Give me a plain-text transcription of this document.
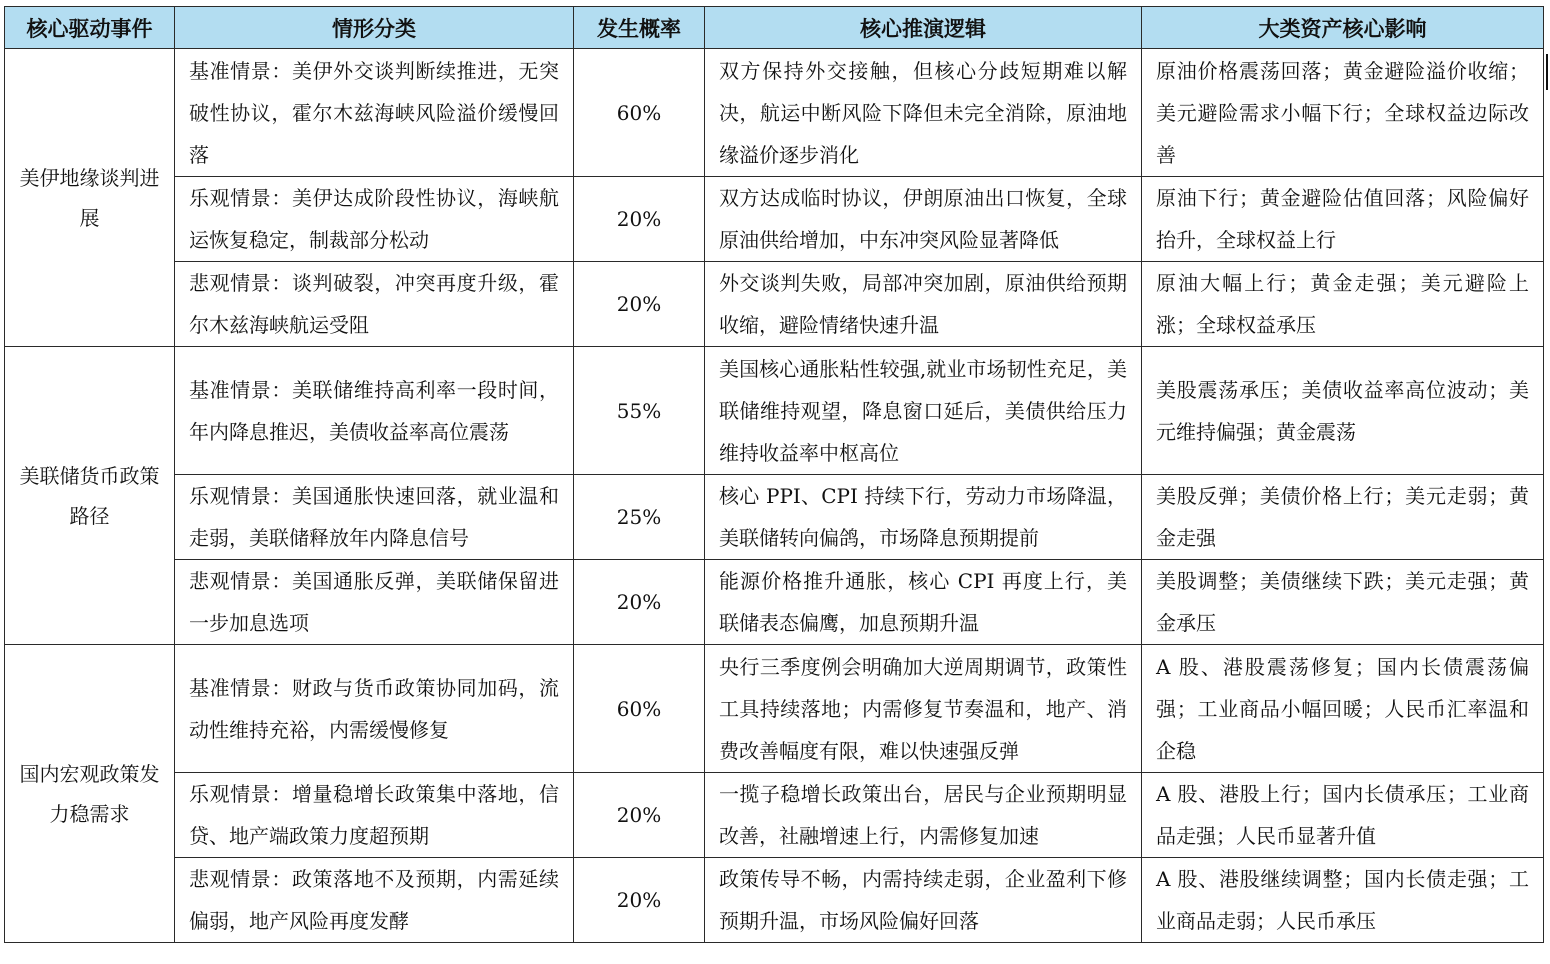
核心驱动事件	情形分类	发生概率	核心推演逻辑	大类资产核心影响
美伊地缘谈判进展	基准情景：美伊外交谈判断续推进，无突破性协议，霍尔木兹海峡风险溢价缓慢回落	60%	双方保持外交接触，但核心分歧短期难以解决，航运中断风险下降但未完全消除，原油地缘溢价逐步消化	原油价格震荡回落；黄金避险溢价收缩；美元避险需求小幅下行；全球权益边际改善
	乐观情景：美伊达成阶段性协议，海峡航运恢复稳定，制裁部分松动	20%	双方达成临时协议，伊朗原油出口恢复，全球原油供给增加，中东冲突风险显著降低	原油下行；黄金避险估值回落；风险偏好抬升，全球权益上行
	悲观情景：谈判破裂，冲突再度升级，霍尔木兹海峡航运受阻	20%	外交谈判失败，局部冲突加剧，原油供给预期收缩，避险情绪快速升温	原油大幅上行；黄金走强；美元避险上涨；全球权益承压
美联储货币政策路径	基准情景：美联储维持高利率一段时间，年内降息推迟，美债收益率高位震荡	55%	美国核心通胀粘性较强,就业市场韧性充足，美联储维持观望，降息窗口延后，美债供给压力维持收益率中枢高位	美股震荡承压；美债收益率高位波动；美元维持偏强；黄金震荡
	乐观情景：美国通胀快速回落，就业温和走弱，美联储释放年内降息信号	25%	核心 PPI、CPI 持续下行，劳动力市场降温，美联储转向偏鸽，市场降息预期提前	美股反弹；美债价格上行；美元走弱；黄金走强
	悲观情景：美国通胀反弹，美联储保留进一步加息选项	20%	能源价格推升通胀，核心 CPI 再度上行，美联储表态偏鹰，加息预期升温	美股调整；美债继续下跌；美元走强；黄金承压
国内宏观政策发力稳需求	基准情景：财政与货币政策协同加码，流动性维持充裕，内需缓慢修复	60%	央行三季度例会明确加大逆周期调节，政策性工具持续落地；内需修复节奏温和，地产、消费改善幅度有限，难以快速强反弹	A 股、港股震荡修复；国内长债震荡偏强；工业商品小幅回暖；人民币汇率温和企稳
	乐观情景：增量稳增长政策集中落地，信贷、地产端政策力度超预期	20%	一揽子稳增长政策出台，居民与企业预期明显改善，社融增速上行，内需修复加速	A 股、港股上行；国内长债承压；工业商品走强；人民币显著升值
	悲观情景：政策落地不及预期，内需延续偏弱，地产风险再度发酵	20%	政策传导不畅，内需持续走弱，企业盈利下修预期升温，市场风险偏好回落	A 股、港股继续调整；国内长债走强；工业商品走弱；人民币承压
